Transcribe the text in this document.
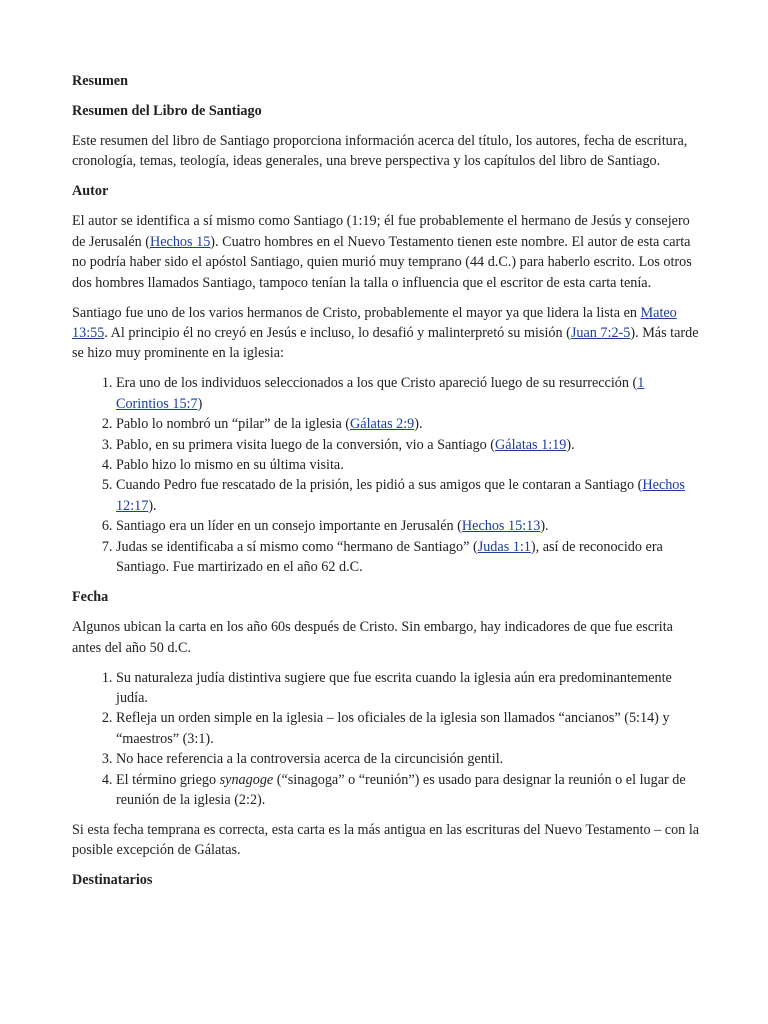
Resumen
Resumen del Libro de Santiago

Este resumen del libro de Santiago proporciona información acerca del título, los autores, fecha de escritura, cronología, temas, teología, ideas generales, una breve perspectiva y los capítulos del libro de Santiago.

Autor

El autor se identifica a sí mismo como Santiago (1:19; él fue probablemente el hermano de Jesús y consejero de Jerusalén (Hechos 15). Cuatro hombres en el Nuevo Testamento tienen este nombre. El autor de esta carta no podría haber sido el apóstol Santiago, quien murió muy temprano (44 d.C.) para haberlo escrito. Los otros dos hombres llamados Santiago, tampoco tenían la talla o influencia que el escritor de esta carta tenía.

Santiago fue uno de los varios hermanos de Cristo, probablemente el mayor ya que lidera la lista en Mateo 13:55. Al principio él no creyó en Jesús e incluso, lo desafió y malinterpretó su misión (Juan 7:2-5). Más tarde se hizo muy prominente en la iglesia:

1. Era uno de los individuos seleccionados a los que Cristo apareció luego de su resurrección (1 Corintios 15:7)
2. Pablo lo nombró un “pilar” de la iglesia (Gálatas 2:9).
3. Pablo, en su primera visita luego de la conversión, vio a Santiago (Gálatas 1:19).
4. Pablo hizo lo mismo en su última visita.
5. Cuando Pedro fue rescatado de la prisión, les pidió a sus amigos que le contaran a Santiago (Hechos 12:17).
6. Santiago era un líder en un consejo importante en Jerusalén (Hechos 15:13).
7. Judas se identificaba a sí mismo como “hermano de Santiago” (Judas 1:1), así de reconocido era Santiago. Fue martirizado en el año 62 d.C.
Fecha

Algunos ubican la carta en los año 60s después de Cristo. Sin embargo, hay indicadores de que fue escrita antes del año 50 d.C.

1. Su naturaleza judía distintiva sugiere que fue escrita cuando la iglesia aún era predominantemente judía.
2. Refleja un orden simple en la iglesia – los oficiales de la iglesia son llamados “ancianos” (5:14) y “maestros” (3:1).
3. No hace referencia a la controversia acerca de la circuncisión gentil.
4. El término griego synagoge (“sinagoga” o “reunión”) es usado para designar la reunión o el lugar de reunión de la iglesia (2:2).

Si esta fecha temprana es correcta, esta carta es la más antigua en las escrituras del Nuevo Testamento – con la posible excepción de Gálatas.

Destinatarios
